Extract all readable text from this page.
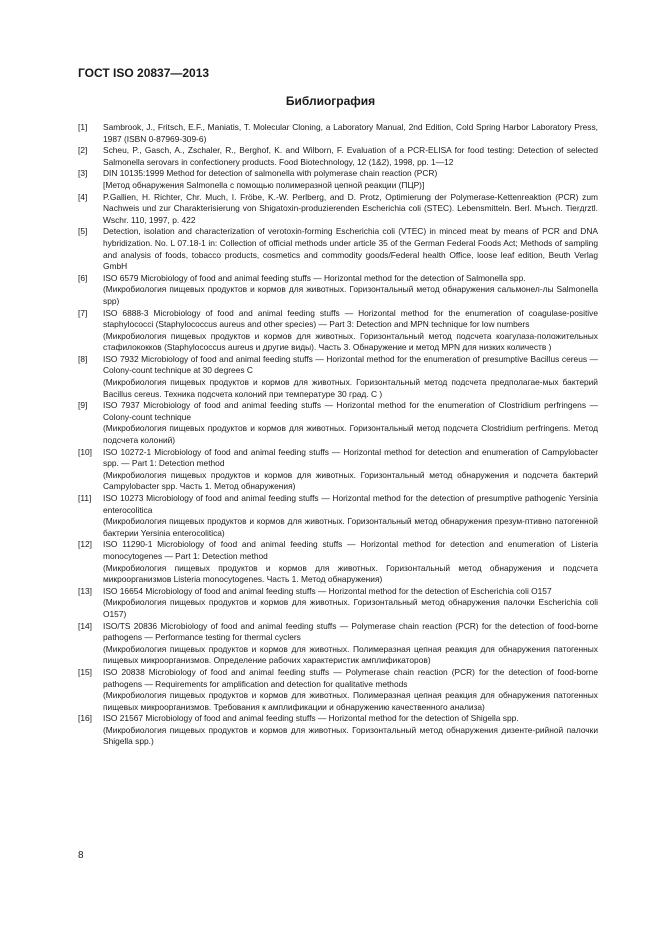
ГОСТ ISO 20837—2013
Библиография
[1]	Sambrook, J., Fritsch, E.F., Maniatis, T. Molecular Cloning, a Laboratory Manual, 2nd Edition, Cold Spring Harbor Laboratory Press, 1987 (ISBN 0-87969-309-6)
[2]	Scheu, P., Gasch, A., Zschaler, R., Berghof, K. and Wilborn, F. Evaluation of a PCR-ELISA for food testing: Detection of selected Salmonella serovars in confectionery products. Food Biotechnology, 12 (1&2), 1998, pp. 1—12
[3]	DIN 10135:1999 Method for detection of salmonella with polymerase chain reaction (PCR)
[Метод обнаружения Salmonella с помощью полимеразной цепной реакции (ПЦР)]
[4]	P.Gallien, H. Richter, Chr. Much, I. Fröbe, K.-W. Perlberg, and D. Protz, Optimierung der Polymerase-Kettenreaktion (PCR) zum Nachweis und zur Charakterisierung von Shigatoxin-produzierenden Escherichia coli (STEC). Lebensmitteln. Berl. Mънch. Tierдrztl. Wschr. 110, 1997, p. 422
[5]	Detection, isolation and characterization of verotoxin-forming Escherichia coli (VTEC) in minced meat by means of PCR and DNA hybridization. No. L 07.18-1 in: Collection of official methods under article 35 of the German Federal Foods Act; Methods of sampling and analysis of foods, tobacco products, cosmetics and commodity goods/Federal health Office, loose leaf edition, Beuth Verlag GmbH
[6]	ISO 6579 Microbiology of food and animal feeding stuffs — Horizontal method for the detection of Salmonella spp.
(Микробиология пищевых продуктов и кормов для животных. Горизонтальный метод обнаружения сальмонел-лы Salmonella spp)
[7]	ISO 6888-3 Microbiology of food and animal feeding stuffs — Horizontal method for the enumeration of coagulase-positive staphylococci (Staphylococcus aureus and other species) — Part 3: Detection and MPN technique for low numbers
(Микробиология пищевых продуктов и кормов для животных. Горизонтальный метод подсчета коагулаза-положительных стафилококков (Staphylococcus aureus и другие виды). Часть 3. Обнаружение и метод MPN для низких количеств )
[8]	ISO 7932 Microbiology of food and animal feeding stuffs — Horizontal method for the enumeration of presumptive Bacillus cereus — Colony-count technique at 30 degrees C
(Микробиология пищевых продуктов и кормов для животных. Горизонтальный метод подсчета предполагае-мых бактерий Bacillus cereus. Техника подсчета колоний при температуре 30 град. С )
[9]	ISO 7937 Microbiology of food and animal feeding stuffs — Horizontal method for the enumeration of Clostridium perfringens — Colony-count technique
(Микробиология пищевых продуктов и кормов для животных. Горизонтальный метод подсчета Clostridium perfringens. Метод подсчета колоний)
[10]	ISO 10272-1 Microbiology of food and animal feeding stuffs — Horizontal method for detection and enumeration of Campylobacter spp. — Part 1: Detection method
(Микробиология пищевых продуктов и кормов для животных. Горизонтальный метод обнаружения и подсчета бактерий Campylobacter spp. Часть 1. Метод обнаружения)
[11]	ISO 10273 Microbiology of food and animal feeding stuffs — Horizontal method for the detection of presumptive pathogenic Yersinia enterocolitica
(Микробиология пищевых продуктов и кормов для животных. Горизонтальный метод обнаружения презум-птивно патогенной бактерии Yersinia enterocolitica)
[12]	ISO 11290-1 Microbiology of food and animal feeding stuffs — Horizontal method for detection and enumeration of Listeria monocytogenes — Part 1: Detection method
(Микробиология пищевых продуктов и кормов для животных. Горизонтальный метод обнаружения и подсчета микроорганизмов Listeria monocytogenes. Часть 1. Метод обнаружения)
[13]	ISO 16654 Microbiology of food and animal feeding stuffs — Horizontal method for the detection of Escherichia coli O157
(Микробиология пищевых продуктов и кормов для животных. Горизонтальный метод обнаружения палочки Escherichia coli O157)
[14]	ISO/TS 20836 Microbiology of food and animal feeding stuffs — Polymerase chain reaction (PCR) for the detection of food-borne pathogens — Performance testing for thermal cyclers
(Микробиология пищевых продуктов и кормов для животных. Полимеразная цепная реакция для обнаружения патогенных пищевых микроорганизмов. Определение рабочих характеристик амплификаторов)
[15]	ISO 20838 Microbiology of food and animal feeding stuffs — Polymerase chain reaction (PCR) for the detection of food-borne pathogens — Requirements for amplification and detection for qualitative methods
(Микробиология пищевых продуктов и кормов для животных. Полимеразная цепная реакция для обнаружения патогенных пищевых микроорганизмов. Требования к амплификации и обнаружению качественного анализа)
[16]	ISO 21567 Microbiology of food and animal feeding stuffs — Horizontal method for the detection of Shigella spp.
(Микробиология пищевых продуктов и кормов для животных. Горизонтальный метод обнаружения дизенте-рийной палочки Shigella spp.)
8
